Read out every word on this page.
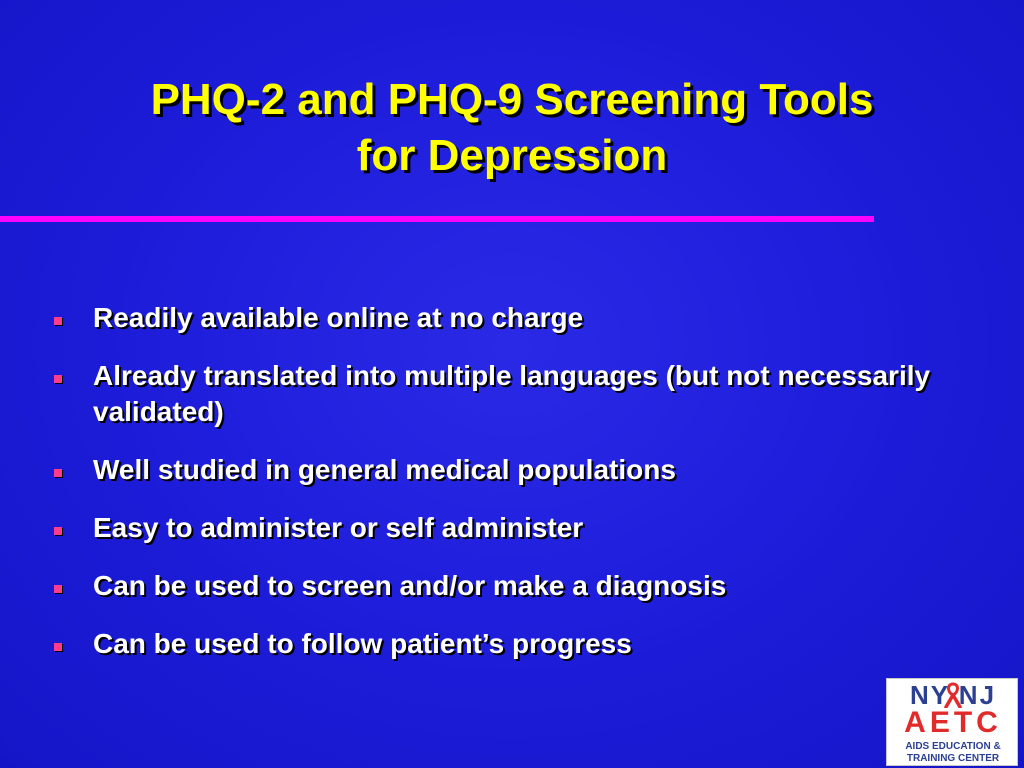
PHQ-2 and PHQ-9 Screening Tools
for Depression
Readily available online at no charge
Already translated into multiple languages (but not necessarily validated)
Well studied in general medical populations
Easy to administer or self administer
Can be used to screen and/or make a diagnosis
Can be used to follow patient’s progress
NY NJ
AETC
AIDS EDUCATION &
TRAINING CENTER
